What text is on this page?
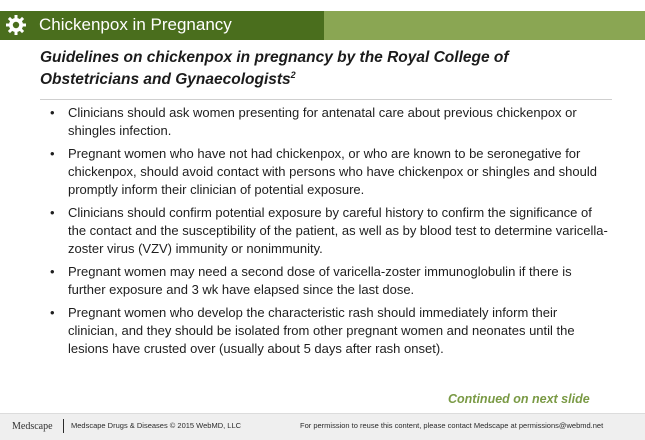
Chickenpox in Pregnancy
Guidelines on chickenpox in pregnancy by the Royal College of Obstetricians and Gynaecologists$^2$
• Clinicians should ask women presenting for antenatal care about previous chickenpox or shingles infection.
• Pregnant women who have not had chickenpox, or who are known to be seronegative for chickenpox, should avoid contact with persons who have chickenpox or shingles and should promptly inform their clinician of potential exposure.
• Clinicians should confirm potential exposure by careful history to confirm the significance of the contact and the susceptibility of the patient, as well as by blood test to determine varicella-zoster virus (VZV) immunity or nonimmunity.
• Pregnant women may need a second dose of varicella-zoster immunoglobulin if there is further exposure and 3 wk have elapsed since the last dose.
• Pregnant women who develop the characteristic rash should immediately inform their clinician, and they should be isolated from other pregnant women and neonates until the lesions have crusted over (usually about 5 days after rash onset).
Continued on next slide
Medscape Medscape Drugs & Diseases © 2015 WebMD, LLC	For permission to reuse this content, please contact Medscape at permissions@webmd.net
